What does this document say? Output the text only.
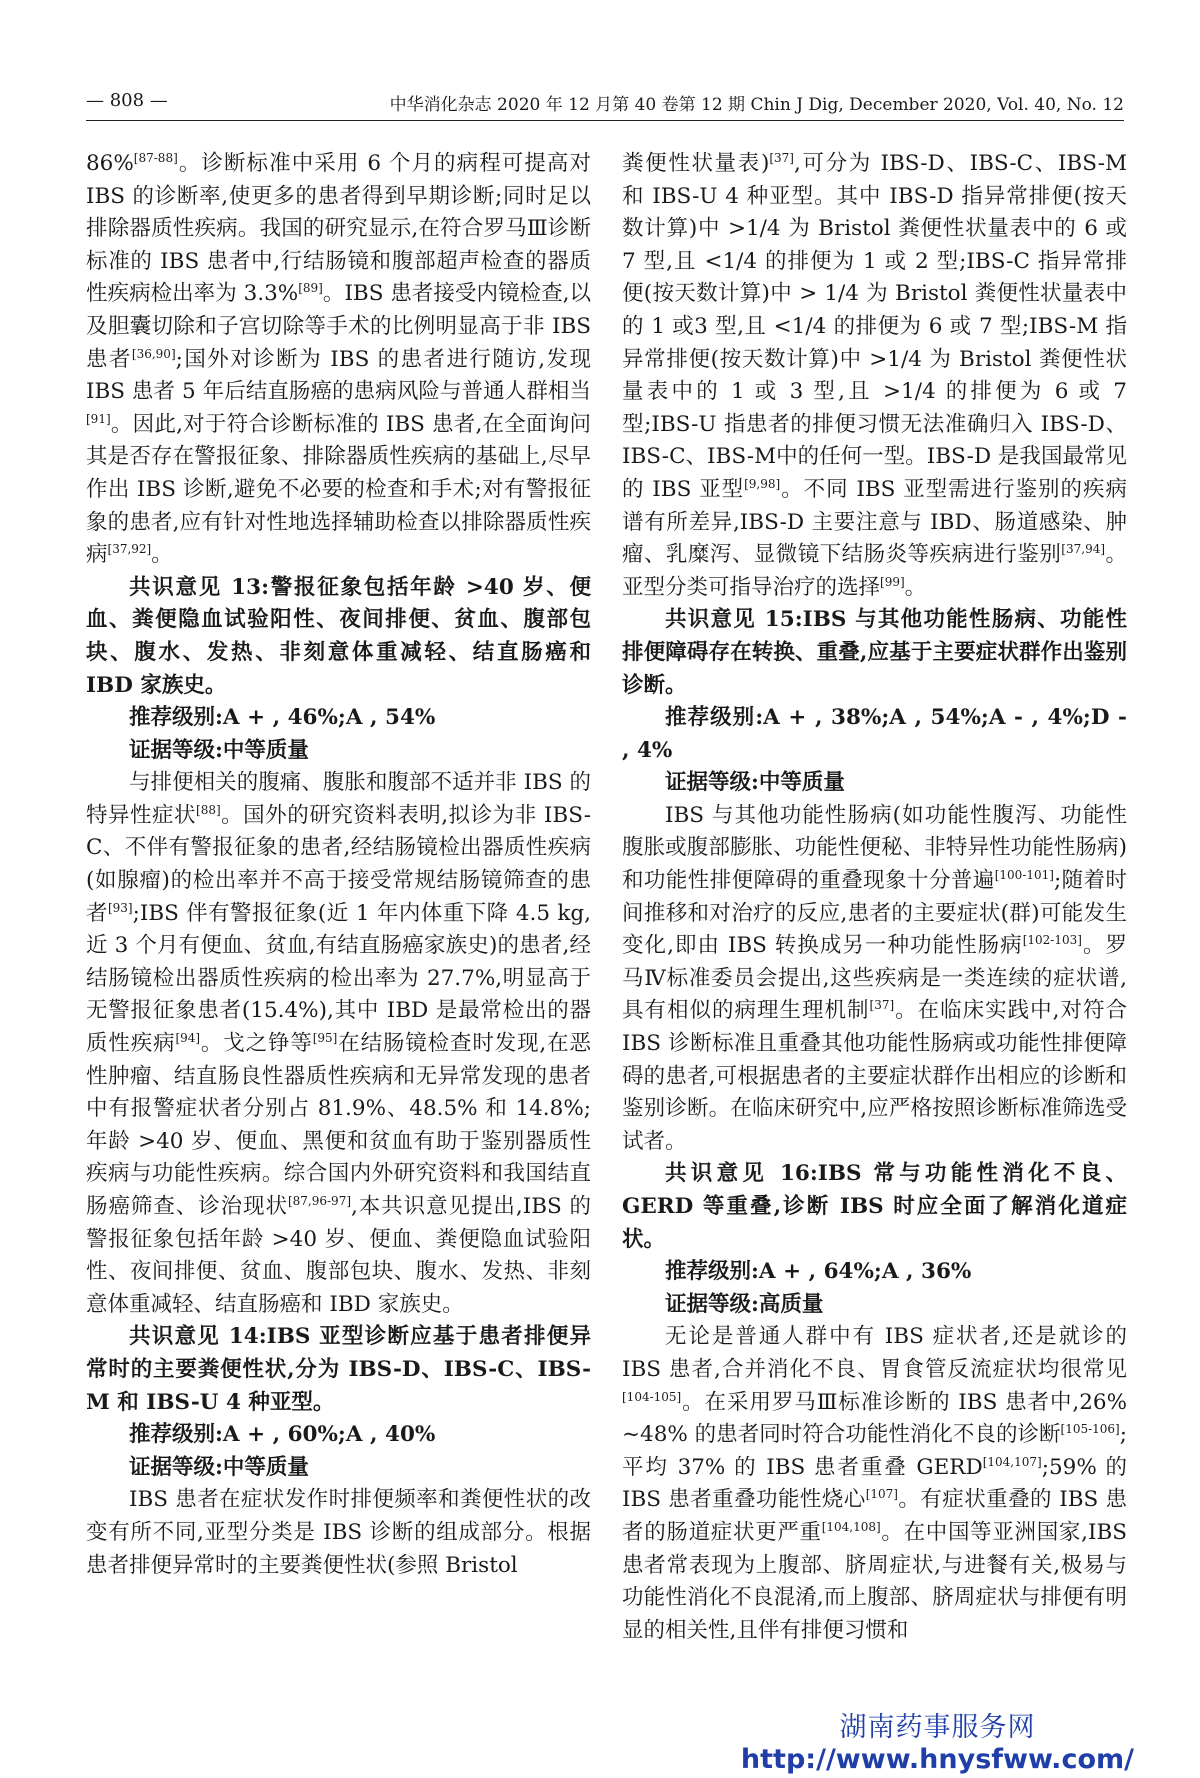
— 808 —	中华消化杂志 2020 年 12 月第 40 卷第 12 期 Chin J Dig, December 2020, Vol. 40, No. 12

86%[87-88]。诊断标准中采用 6 个月的病程可提高对 IBS 的诊断率,使更多的患者得到早期诊断;同时足以排除器质性疾病。我国的研究显示,在符合罗马Ⅲ诊断标准的 IBS 患者中,行结肠镜和腹部超声检查的器质性疾病检出率为 3.3%[89]。IBS 患者接受内镜检查,以及胆囊切除和子宫切除等手术的比例明显高于非 IBS 患者[36,90];国外对诊断为 IBS 的患者进行随访,发现 IBS 患者 5 年后结直肠癌的患病风险与普通人群相当[91]。因此,对于符合诊断标准的 IBS 患者,在全面询问其是否存在警报征象、排除器质性疾病的基础上,尽早作出 IBS 诊断,避免不必要的检查和手术;对有警报征象的患者,应有针对性地选择辅助检查以排除器质性疾病[37,92]。

共识意见 13:警报征象包括年龄 >40 岁、便血、粪便隐血试验阳性、夜间排便、贫血、腹部包块、腹水、发热、非刻意体重减轻、结直肠癌和 IBD 家族史。

推荐级别:A + , 46%;A , 54%

证据等级:中等质量

与排便相关的腹痛、腹胀和腹部不适并非 IBS 的特异性症状[88]。国外的研究资料表明,拟诊为非 IBS-C、不伴有警报征象的患者,经结肠镜检出器质性疾病(如腺瘤)的检出率并不高于接受常规结肠镜筛查的患者[93];IBS 伴有警报征象(近 1 年内体重下降 4.5 kg,近 3 个月有便血、贫血,有结直肠癌家族史)的患者,经结肠镜检出器质性疾病的检出率为 27.7%,明显高于无警报征象患者(15.4%),其中 IBD 是最常检出的器质性疾病[94]。戈之铮等[95]在结肠镜检查时发现,在恶性肿瘤、结直肠良性器质性疾病和无异常发现的患者中有报警症状者分别占 81.9%、48.5% 和 14.8%;年龄 >40 岁、便血、黑便和贫血有助于鉴别器质性疾病与功能性疾病。综合国内外研究资料和我国结直肠癌筛查、诊治现状[87,96-97],本共识意见提出,IBS 的警报征象包括年龄 >40 岁、便血、粪便隐血试验阳性、夜间排便、贫血、腹部包块、腹水、发热、非刻意体重减轻、结直肠癌和 IBD 家族史。

共识意见 14:IBS 亚型诊断应基于患者排便异常时的主要粪便性状,分为 IBS-D、IBS-C、IBS-M 和 IBS-U 4 种亚型。

推荐级别:A + , 60%;A , 40%

证据等级:中等质量

IBS 患者在症状发作时排便频率和粪便性状的改变有所不同,亚型分类是 IBS 诊断的组成部分。根据患者排便异常时的主要粪便性状(参照 Bristol

粪便性状量表)[37],可分为 IBS-D、IBS-C、IBS-M 和 IBS-U 4 种亚型。其中 IBS-D 指异常排便(按天数计算)中 >1/4 为 Bristol 粪便性状量表中的 6 或 7 型,且 <1/4 的排便为 1 或 2 型;IBS-C 指异常排便(按天数计算)中 > 1/4 为 Bristol 粪便性状量表中的 1 或3 型,且 <1/4 的排便为 6 或 7 型;IBS-M 指异常排便(按天数计算)中 >1/4 为 Bristol 粪便性状量表中的 1 或 3 型,且 >1/4 的排便为 6 或 7 型;IBS-U 指患者的排便习惯无法准确归入 IBS-D、IBS-C、IBS-M中的任何一型。IBS-D 是我国最常见的 IBS 亚型[9,98]。不同 IBS 亚型需进行鉴别的疾病谱有所差异,IBS-D 主要注意与 IBD、肠道感染、肿瘤、乳糜泻、显微镜下结肠炎等疾病进行鉴别[37,94]。亚型分类可指导治疗的选择[99]。

共识意见 15:IBS 与其他功能性肠病、功能性排便障碍存在转换、重叠,应基于主要症状群作出鉴别诊断。

推荐级别:A + , 38%;A , 54%;A - , 4%;D - , 4%

证据等级:中等质量

IBS 与其他功能性肠病(如功能性腹泻、功能性腹胀或腹部膨胀、功能性便秘、非特异性功能性肠病)和功能性排便障碍的重叠现象十分普遍[100-101];随着时间推移和对治疗的反应,患者的主要症状(群)可能发生变化,即由 IBS 转换成另一种功能性肠病[102-103]。罗马Ⅳ标准委员会提出,这些疾病是一类连续的症状谱,具有相似的病理生理机制[37]。在临床实践中,对符合 IBS 诊断标准且重叠其他功能性肠病或功能性排便障碍的患者,可根据患者的主要症状群作出相应的诊断和鉴别诊断。在临床研究中,应严格按照诊断标准筛选受试者。

共识意见 16:IBS 常与功能性消化不良、GERD 等重叠,诊断 IBS 时应全面了解消化道症状。

推荐级别:A + , 64%;A , 36%

证据等级:高质量

无论是普通人群中有 IBS 症状者,还是就诊的 IBS 患者,合并消化不良、胃食管反流症状均很常见[104-105]。在采用罗马Ⅲ标准诊断的 IBS 患者中,26% ~48% 的患者同时符合功能性消化不良的诊断[105-106];平均 37% 的 IBS 患者重叠 GERD[104,107];59% 的 IBS 患者重叠功能性烧心[107]。有症状重叠的 IBS 患者的肠道症状更严重[104,108]。在中国等亚洲国家,IBS 患者常表现为上腹部、脐周症状,与进餐有关,极易与功能性消化不良混淆,而上腹部、脐周症状与排便有明显的相关性,且伴有排便习惯和

湖南药事服务网
http://www.hnysfww.com/
